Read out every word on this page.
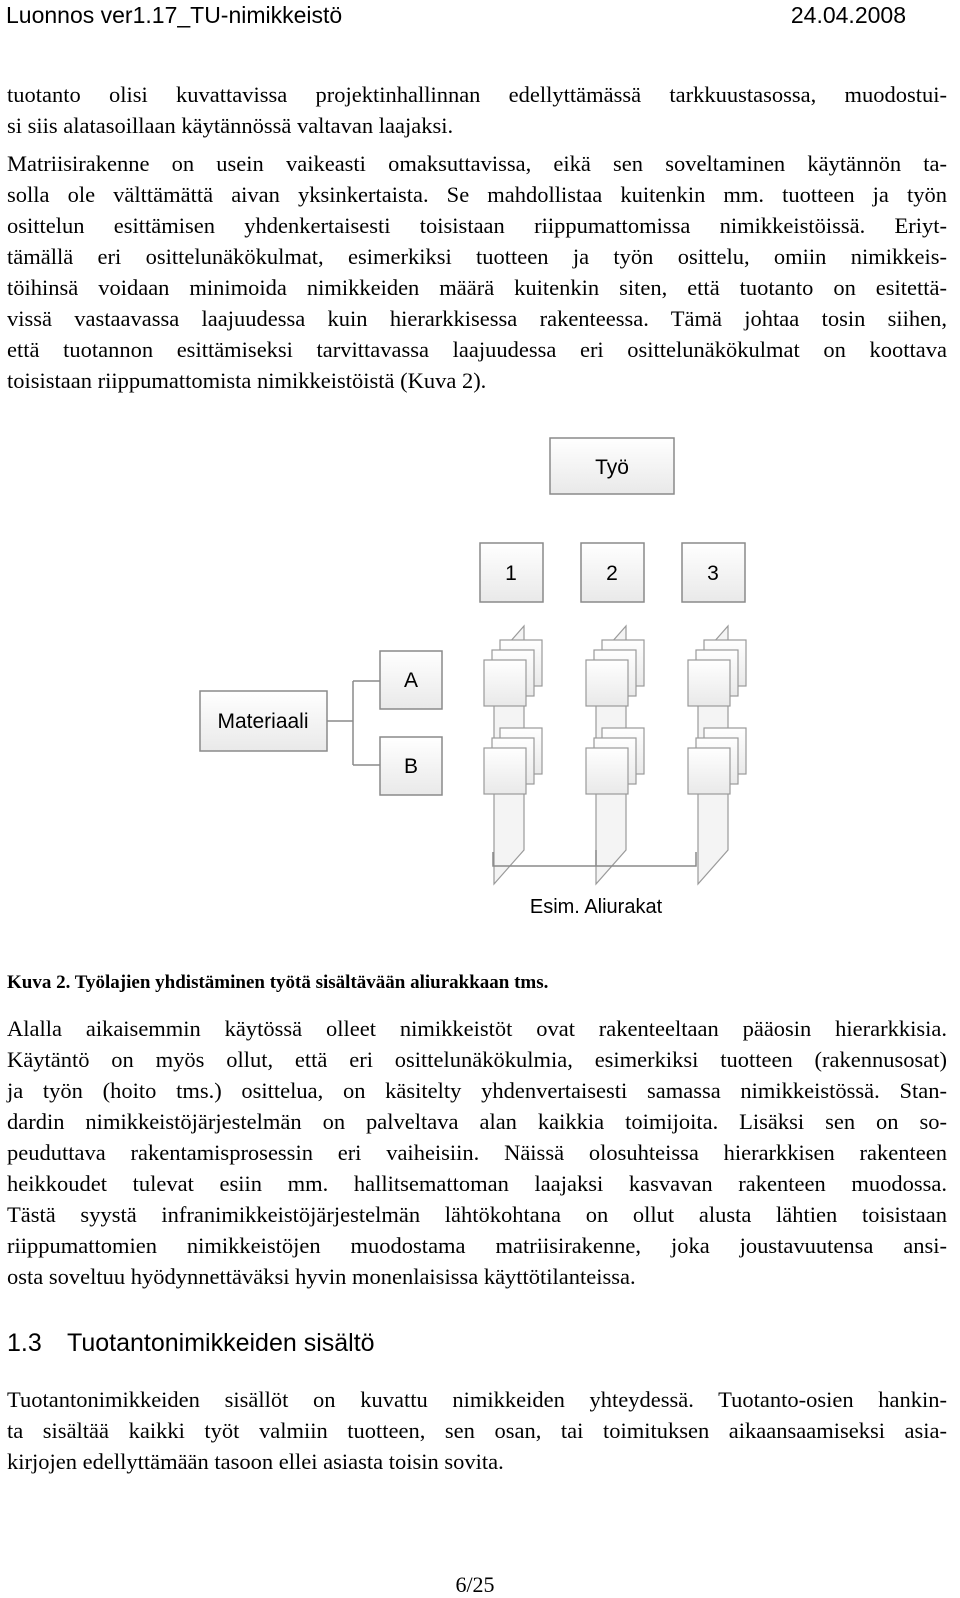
Luonnos ver1.17_TU-nimikkeistö	24.04.2008
tuotanto olisi kuvattavissa projektinhallinnan edellyttämässä tarkkuustasossa, muodostui-
si siis alatasoillaan käytännössä valtavan laajaksi.
Matriisirakenne on usein vaikeasti omaksuttavissa, eikä sen soveltaminen käytännön ta-
solla ole välttämättä aivan yksinkertaista. Se mahdollistaa kuitenkin mm. tuotteen ja työn
osittelun esittämisen yhdenkertaisesti toisistaan riippumattomissa nimikkeistöissä. Eriyt-
tämällä eri osittelunäkökulmat, esimerkiksi tuotteen ja työn osittelu, omiin nimikkeis-
töihinsä voidaan minimoida nimikkeiden määrä kuitenkin siten, että tuotanto on esitettä-
vissä vastaavassa laajuudessa kuin hierarkkisessa rakenteessa. Tämä johtaa tosin siihen,
että tuotannon esittämiseksi tarvittavassa laajuudessa eri osittelunäkökulmat on koottava
toisistaan riippumattomista nimikkeistöistä (Kuva 2).
Työ
1	2	3
Materiaali
A
B
Esim. Aliurakat
Kuva 2. Työlajien yhdistäminen työtä sisältävään aliurakkaan tms.
Alalla aikaisemmin käytössä olleet nimikkeistöt ovat rakenteeltaan pääosin hierarkkisia.
Käytäntö on myös ollut, että eri osittelunäkökulmia, esimerkiksi tuotteen (rakennusosat)
ja työn (hoito tms.) osittelua, on käsitelty yhdenvertaisesti samassa nimikkeistössä. Stan-
dardin nimikkeistöjärjestelmän on palveltava alan kaikkia toimijoita. Lisäksi sen on so-
peuduttava rakentamisprosessin eri vaiheisiin. Näissä olosuhteissa hierarkkisen rakenteen
heikkoudet tulevat esiin mm. hallitsemattoman laajaksi kasvavan rakenteen muodossa.
Tästä syystä infranimikkeistöjärjestelmän lähtökohtana on ollut alusta lähtien toisistaan
riippumattomien nimikkeistöjen muodostama matriisirakenne, joka joustavuutensa ansi-
osta soveltuu hyödynnettäväksi hyvin monenlaisissa käyttötilanteissa.
1.3 Tuotantonimikkeiden sisältö
Tuotantonimikkeiden sisällöt on kuvattu nimikkeiden yhteydessä. Tuotanto-osien hankin-
ta sisältää kaikki työt valmiin tuotteen, sen osan, tai toimituksen aikaansaamiseksi asia-
kirjojen edellyttämään tasoon ellei asiasta toisin sovita.
6/25
